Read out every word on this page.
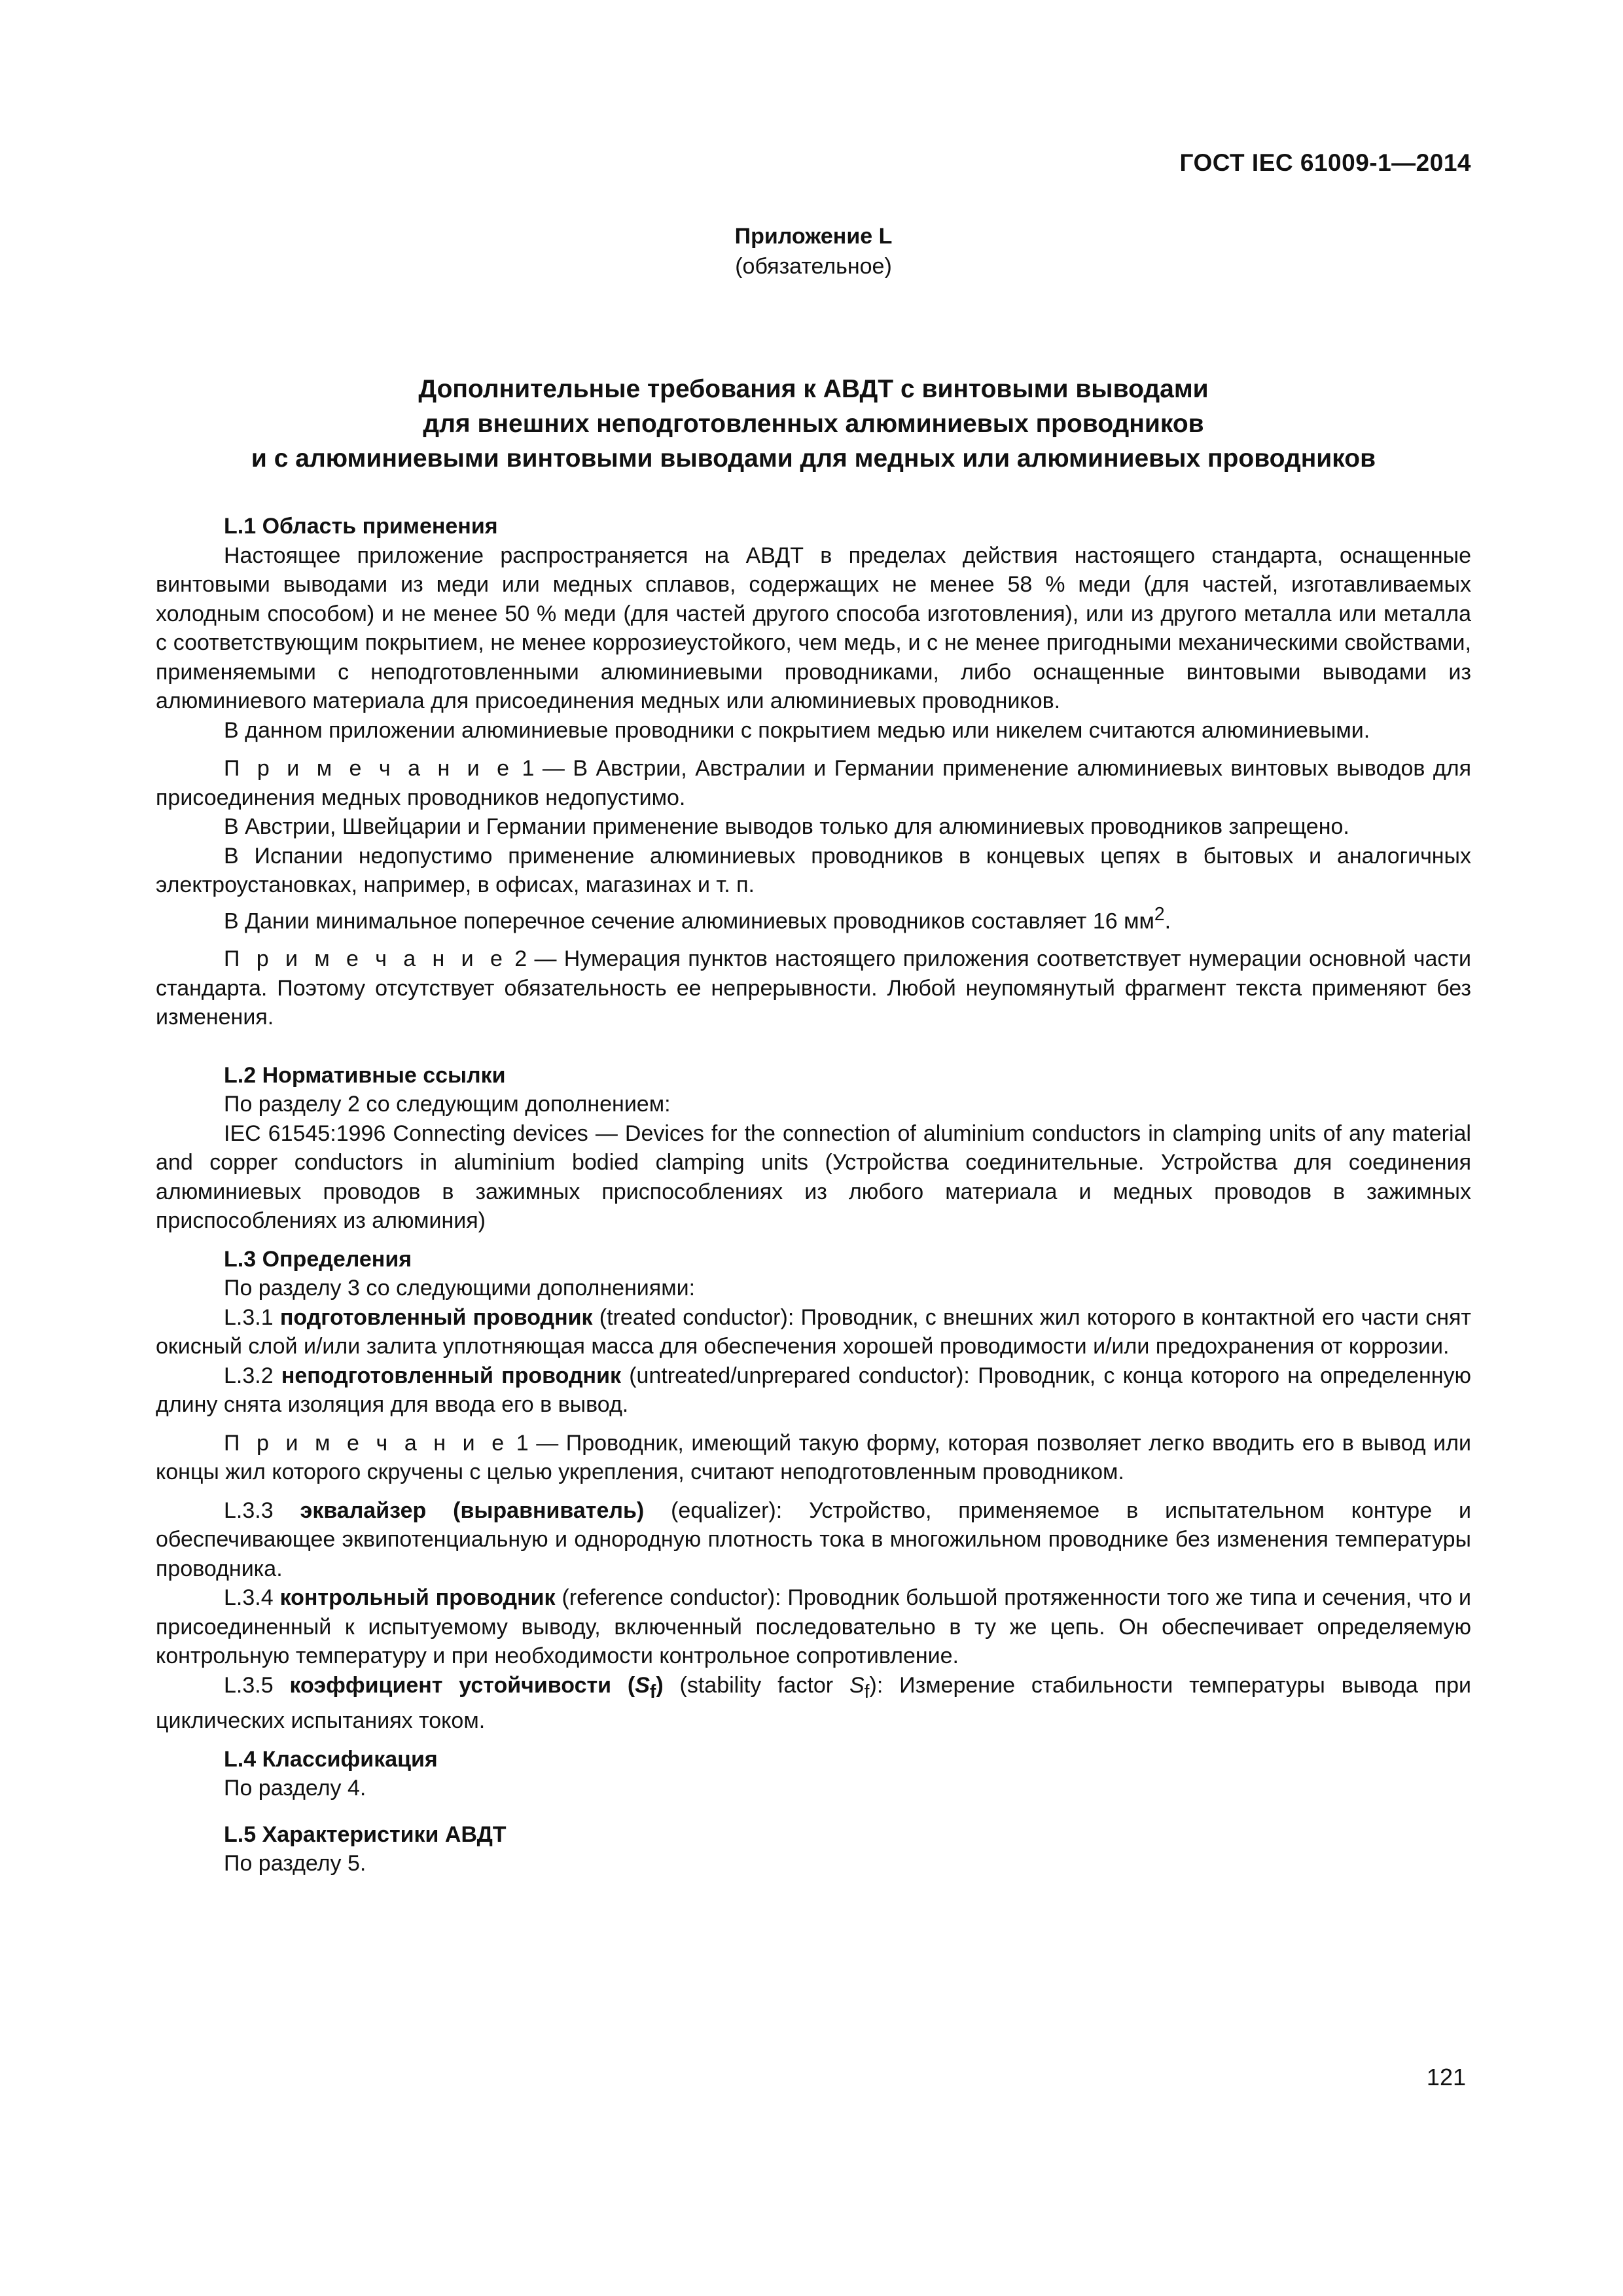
ГОСТ IEC 61009-1—2014
Приложение L
(обязательное)
Дополнительные требования к АВДТ с винтовыми выводами
для внешних неподготовленных алюминиевых проводников
и с алюминиевыми винтовыми выводами для медных или алюминиевых проводников
L.1 Область применения

Настоящее приложение распространяется на АВДТ в пределах действия настоящего стандарта, оснащенные винтовыми выводами из меди или медных сплавов, содержащих не менее 58 % меди (для частей, изготавливаемых холодным способом) и не менее 50 % меди (для частей другого способа изготовления), или из другого металла или металла с соответствующим покрытием, не менее коррозиеустойкого, чем медь, и с не менее пригодными механическими свойствами, применяемыми с неподготовленными алюминиевыми проводниками, либо оснащенные винтовыми выводами из алюминиевого материала для присоединения медных или алюминиевых проводников.

В данном приложении алюминиевые проводники с покрытием медью или никелем считаются алюминиевыми.

П р и м е ч а н и е 1 — В Австрии, Австралии и Германии применение алюминиевых винтовых выводов для присоединения медных проводников недопустимо.

В Австрии, Швейцарии и Германии применение выводов только для алюминиевых проводников запрещено.

В Испании недопустимо применение алюминиевых проводников в концевых цепях в бытовых и аналогичных электроустановках, например, в офисах, магазинах и т. п.

В Дании минимальное поперечное сечение алюминиевых проводников составляет 16 $мм^2$.

П р и м е ч а н и е 2 — Нумерация пунктов настоящего приложения соответствует нумерации основной части стандарта. Поэтому отсутствует обязательность ее непрерывности. Любой неупомянутый фрагмент текста применяют без изменения.

L.2 Нормативные ссылки

По разделу 2 со следующим дополнением:

IEC 61545:1996 Connecting devices — Devices for the connection of aluminium conductors in clamping units of any material and copper conductors in aluminium bodied clamping units (Устройства соединительные. Устройства для соединения алюминиевых проводов в зажимных приспособлениях из любого материала и медных проводов в зажимных приспособлениях из алюминия)

L.3 Определения

По разделу 3 со следующими дополнениями:

L.3.1 подготовленный проводник (treated conductor): Проводник, с внешних жил которого в контактной его части снят окисный слой и/или залита уплотняющая масса для обеспечения хорошей проводимости и/или предохранения от коррозии.

L.3.2 неподготовленный проводник (untreated/unprepared conductor): Проводник, с конца которого на определенную длину снята изоляция для ввода его в вывод.

П р и м е ч а н и е 1 — Проводник, имеющий такую форму, которая позволяет легко вводить его в вывод или концы жил которого скручены с целью укрепления, считают неподготовленным проводником.

L.3.3 эквалайзер (выравниватель) (equalizer): Устройство, применяемое в испытательном контуре и обеспечивающее эквипотенциальную и однородную плотность тока в многожильном проводнике без изменения температуры проводника.

L.3.4 контрольный проводник (reference conductor): Проводник большой протяженности того же типа и сечения, что и присоединенный к испытуемому выводу, включенный последовательно в ту же цепь. Он обеспечивает определяемую контрольную температуру и при необходимости контрольное сопротивление.

L.3.5 коэффициент устойчивости $(S_f)$ (stability factor $S_f$): Измерение стабильности температуры вывода при циклических испытаниях током.

L.4 Классификация

По разделу 4.

L.5 Характеристики АВДТ

По разделу 5.

121
